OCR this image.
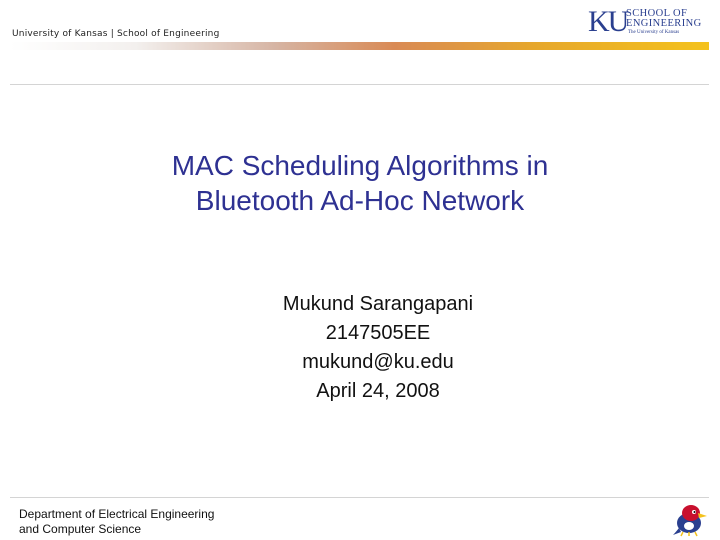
University of Kansas | School of Engineering	KU
SCHOOL OF
ENGINEERING
The University of Kansas
MAC Scheduling Algorithms in
Bluetooth Ad-Hoc Network
Mukund Sarangapani
2147505EE
mukund@ku.edu
April 24, 2008
Department of Electrical Engineering
and Computer Science
